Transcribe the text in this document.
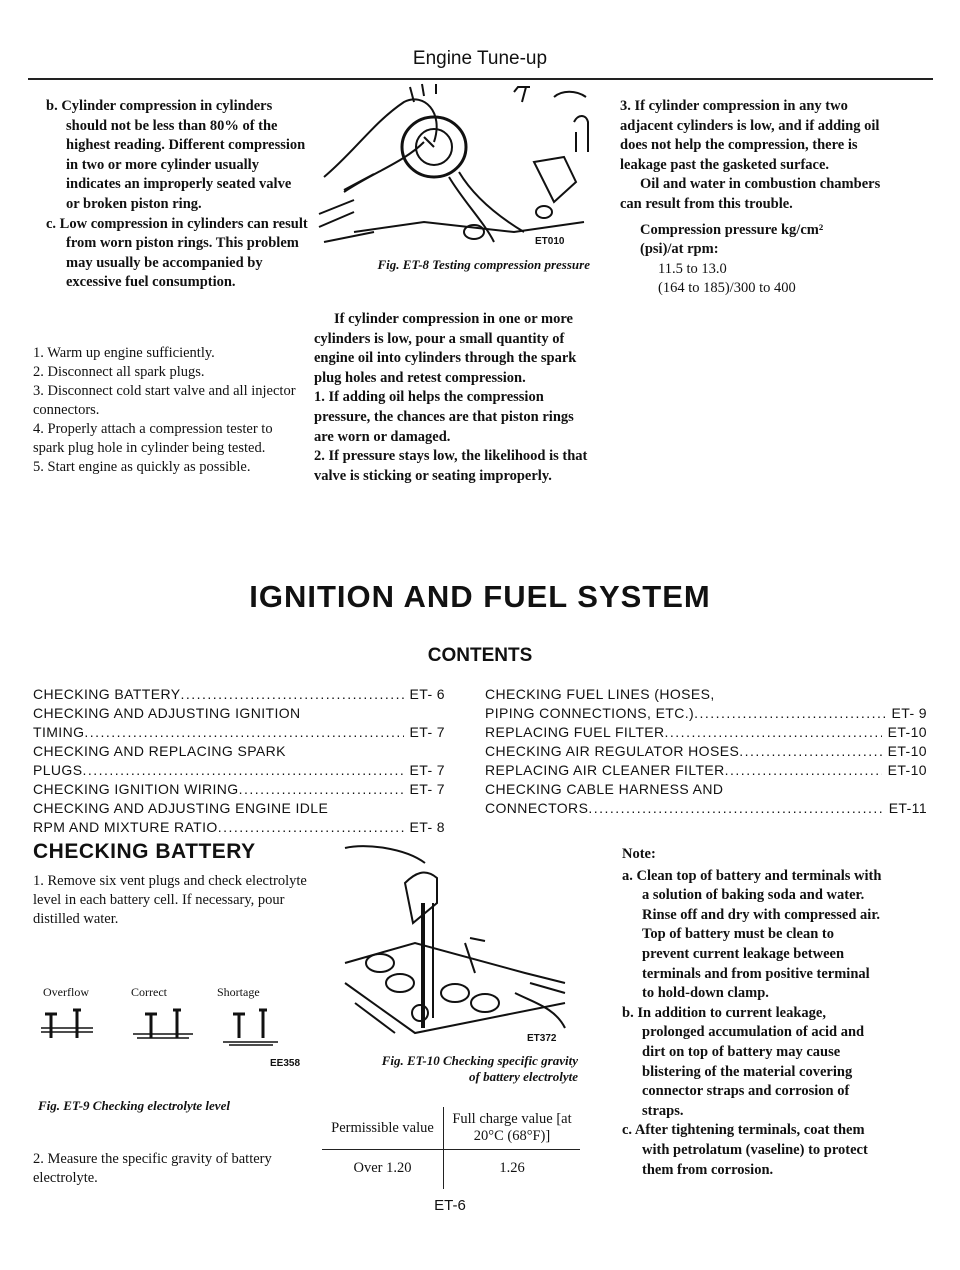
Engine Tune-up
b. Cylinder compression in cylinders should not be less than 80% of the highest reading. Different compression in two or more cylinder usually indicates an improperly seated valve or broken piston ring.
c. Low compression in cylinders can result from worn piston rings. This problem may usually be accompanied by excessive fuel consumption.
1. Warm up engine sufficiently.
2. Disconnect all spark plugs.
3. Disconnect cold start valve and all injector connectors.
4. Properly attach a compression tester to spark plug hole in cylinder being tested.
5. Start engine as quickly as possible.
ET010
Fig. ET-8 Testing compression pressure
If cylinder compression in one or more cylinders is low, pour a small quantity of engine oil into cylinders through the spark plug holes and retest compression.
1. If adding oil helps the compression pressure, the chances are that piston rings are worn or damaged.
2. If pressure stays low, the likelihood is that valve is sticking or seating improperly.
3. If cylinder compression in any two adjacent cylinders is low, and if adding oil does not help the compression, there is leakage past the gasketed surface.
Oil and water in combustion chambers can result from this trouble.
Compression pressure kg/cm² (psi)/at rpm:
11.5 to 13.0
(164 to 185)/300 to 400
IGNITION AND FUEL SYSTEM
CONTENTS
CHECKING BATTERY . . .	ET- 6
CHECKING AND ADJUSTING IGNITION
TIMING . . .	ET- 7
CHECKING AND REPLACING SPARK
PLUGS . . .	ET- 7
CHECKING IGNITION WIRING . . .	ET- 7
CHECKING AND ADJUSTING ENGINE IDLE
RPM AND MIXTURE RATIO . . .	ET- 8
CHECKING FUEL LINES (HOSES,
PIPING CONNECTIONS, ETC.) . . .	ET- 9
REPLACING FUEL FILTER . . .	ET-10
CHECKING AIR REGULATOR HOSES . . .	ET-10
REPLACING AIR CLEANER FILTER . . .	ET-10
CHECKING CABLE HARNESS AND
CONNECTORS . . .	ET-11
CHECKING BATTERY
1. Remove six vent plugs and check electrolyte level in each battery cell. If necessary, pour distilled water.
Overflow	Correct	Shortage
EE358
Fig. ET-9 Checking electrolyte level
2. Measure the specific gravity of battery electrolyte.
ET372
Fig. ET-10 Checking specific gravity
of battery electrolyte
Permissible value	Full charge value [at 20°C (68°F)]
Over 1.20	1.26
Note:
a. Clean top of battery and terminals with a solution of baking soda and water. Rinse off and dry with compressed air. Top of battery must be clean to prevent current leakage between terminals and from positive terminal to hold-down clamp.
b. In addition to current leakage, prolonged accumulation of acid and dirt on top of battery may cause blistering of the material covering connector straps and corrosion of straps.
c. After tightening terminals, coat them with petrolatum (vaseline) to protect them from corrosion.
ET-6
